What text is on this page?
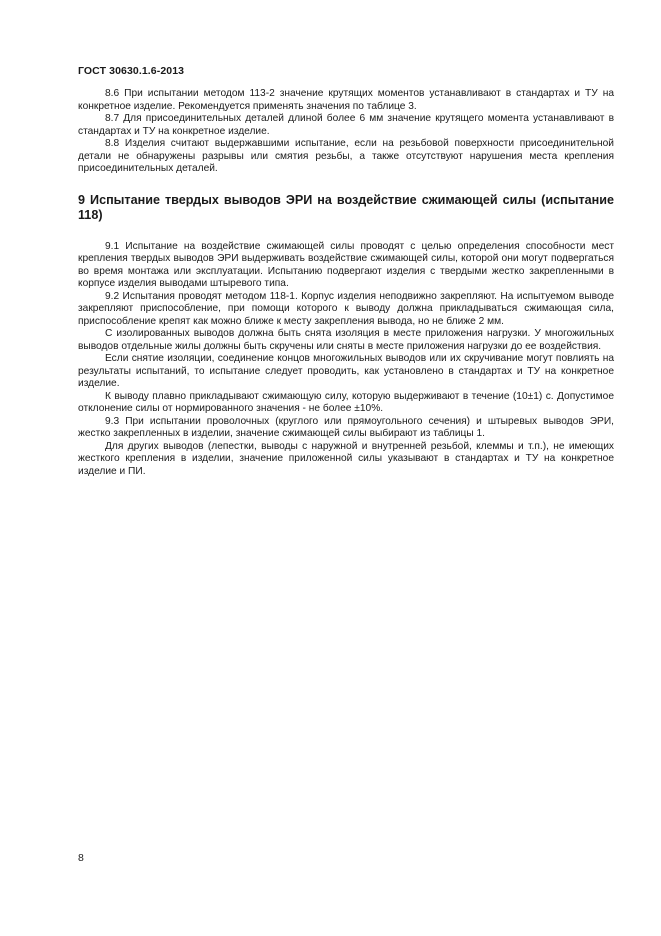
ГОСТ 30630.1.6-2013

8.6 При испытании методом 113-2 значение крутящих моментов устанавливают в стандартах и ТУ на конкретное изделие. Рекомендуется применять значения по таблице 3.

8.7 Для присоединительных деталей длиной более 6 мм значение крутящего момента устанавливают в стандартах и ТУ на конкретное изделие.

8.8 Изделия считают выдержавшими испытание, если на резьбовой поверхности присоединительной детали не обнаружены разрывы или смятия резьбы, а также отсутствуют нарушения места крепления присоединительных деталей.

9 Испытание твердых выводов ЭРИ на воздействие сжимающей силы (испытание 118)

9.1 Испытание на воздействие сжимающей силы проводят с целью определения способности мест крепления твердых выводов ЭРИ выдерживать воздействие сжимающей силы, которой они могут подвергаться во время монтажа или эксплуатации. Испытанию подвергают изделия с твердыми жестко закрепленными в корпусе изделия выводами штыревого типа.

9.2 Испытания проводят методом 118-1. Корпус изделия неподвижно закрепляют. На испытуемом выводе закрепляют приспособление, при помощи которого к выводу должна прикладываться сжимающая сила, приспособление крепят как можно ближе к месту закрепления вывода, но не ближе 2 мм.

С изолированных выводов должна быть снята изоляция в месте приложения нагрузки. У многожильных выводов отдельные жилы должны быть скручены или сняты в месте приложения нагрузки до ее воздействия.

Если снятие изоляции, соединение концов многожильных выводов или их скручивание могут повлиять на результаты испытаний, то испытание следует проводить, как установлено в стандартах и ТУ на конкретное изделие.

К выводу плавно прикладывают сжимающую силу, которую выдерживают в течение (10±1) с. Допустимое отклонение силы от нормированного значения - не более ±10%.

9.3 При испытании проволочных (круглого или прямоугольного сечения) и штыревых выводов ЭРИ, жестко закрепленных в изделии, значение сжимающей силы выбирают из таблицы 1.

Для других выводов (лепестки, выводы с наружной и внутренней резьбой, клеммы и т.п.), не имеющих жесткого крепления в изделии, значение приложенной силы указывают в стандартах и ТУ на конкретное изделие и ПИ.

8
